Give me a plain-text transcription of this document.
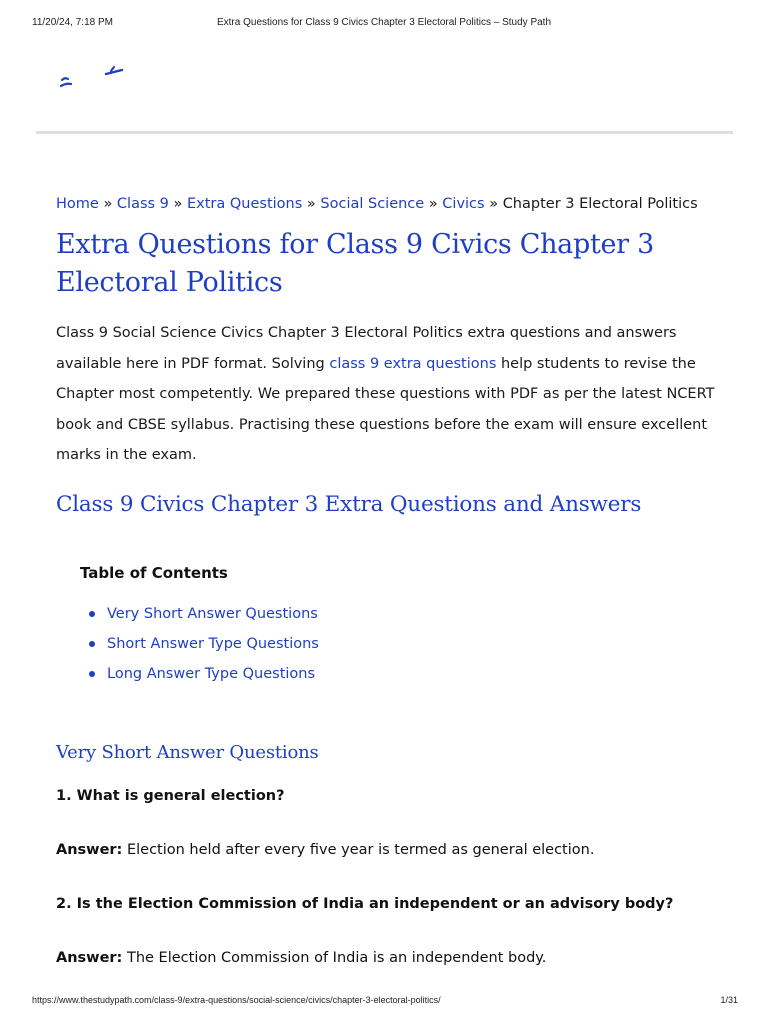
11/20/24, 7:18 PM	Extra Questions for Class 9 Civics Chapter 3 Electoral Politics – Study Path
Home » Class 9 » Extra Questions » Social Science » Civics » Chapter 3 Electoral Politics
Extra Questions for Class 9 Civics Chapter 3 Electoral Politics

Class 9 Social Science Civics Chapter 3 Electoral Politics extra questions and answers available here in PDF format. Solving class 9 extra questions help students to revise the Chapter most competently. We prepared these questions with PDF as per the latest NCERT book and CBSE syllabus. Practising these questions before the exam will ensure excellent marks in the exam.

Class 9 Civics Chapter 3 Extra Questions and Answers
Table of Contents
Very Short Answer Questions
Short Answer Type Questions
Long Answer Type Questions
Very Short Answer Questions

1. What is general election?

Answer: Election held after every five year is termed as general election.

2. Is the Election Commission of India an independent or an advisory body?

Answer: The Election Commission of India is an independent body.

https://www.thestudypath.com/class-9/extra-questions/social-science/civics/chapter-3-electoral-politics/	1/31
